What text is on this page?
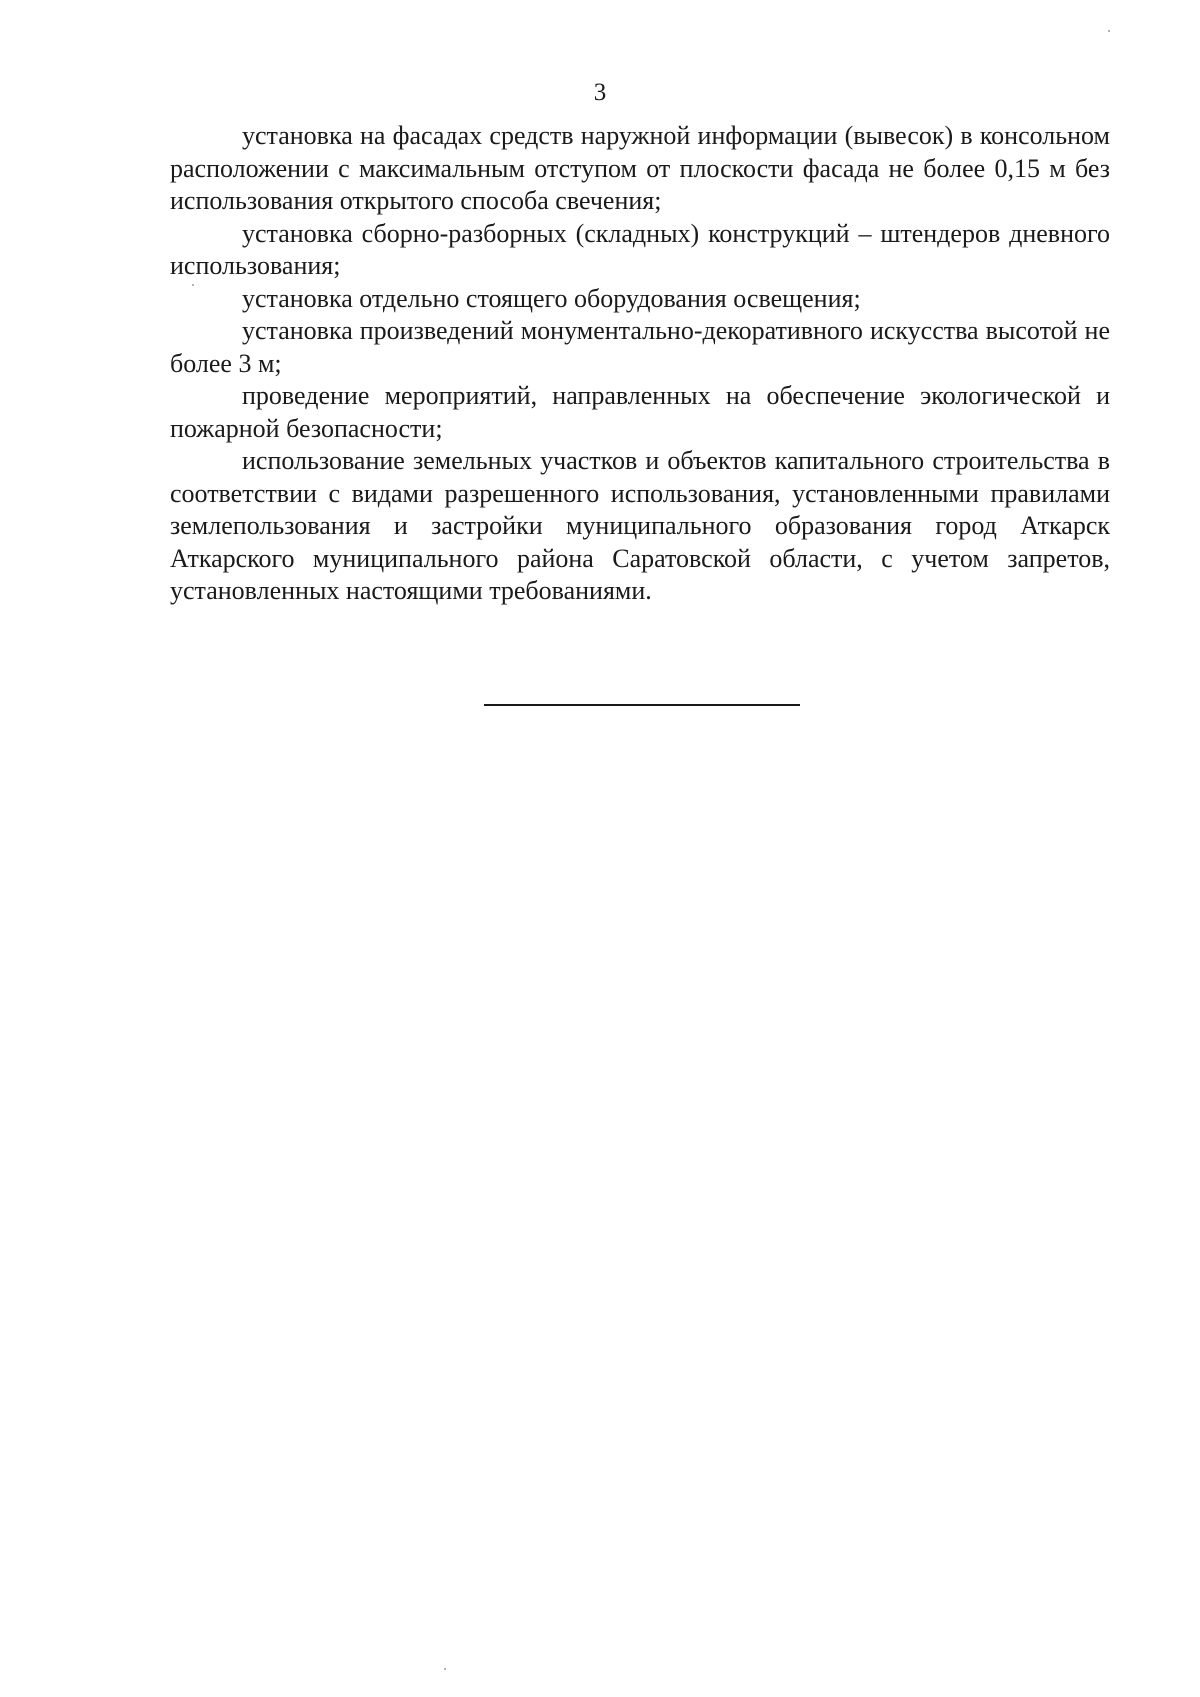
3

установка на фасадах средств наружной информации (вывесок) в консольном расположении с максимальным отступом от плоскости фасада не более 0,15 м без использования открытого способа свечения;

установка сборно-разборных (складных) конструкций – штендеров дневного использования;

установка отдельно стоящего оборудования освещения;

установка произведений монументально-декоративного искусства высотой не более 3 м;

проведение мероприятий, направленных на обеспечение экологической и пожарной безопасности;

использование земельных участков и объектов капитального строительства в соответствии с видами разрешенного использования, установленными правилами землепользования и застройки муниципального образования город Аткарск Аткарского муниципального района Саратовской области, с учетом запретов, установленных настоящими требованиями.
